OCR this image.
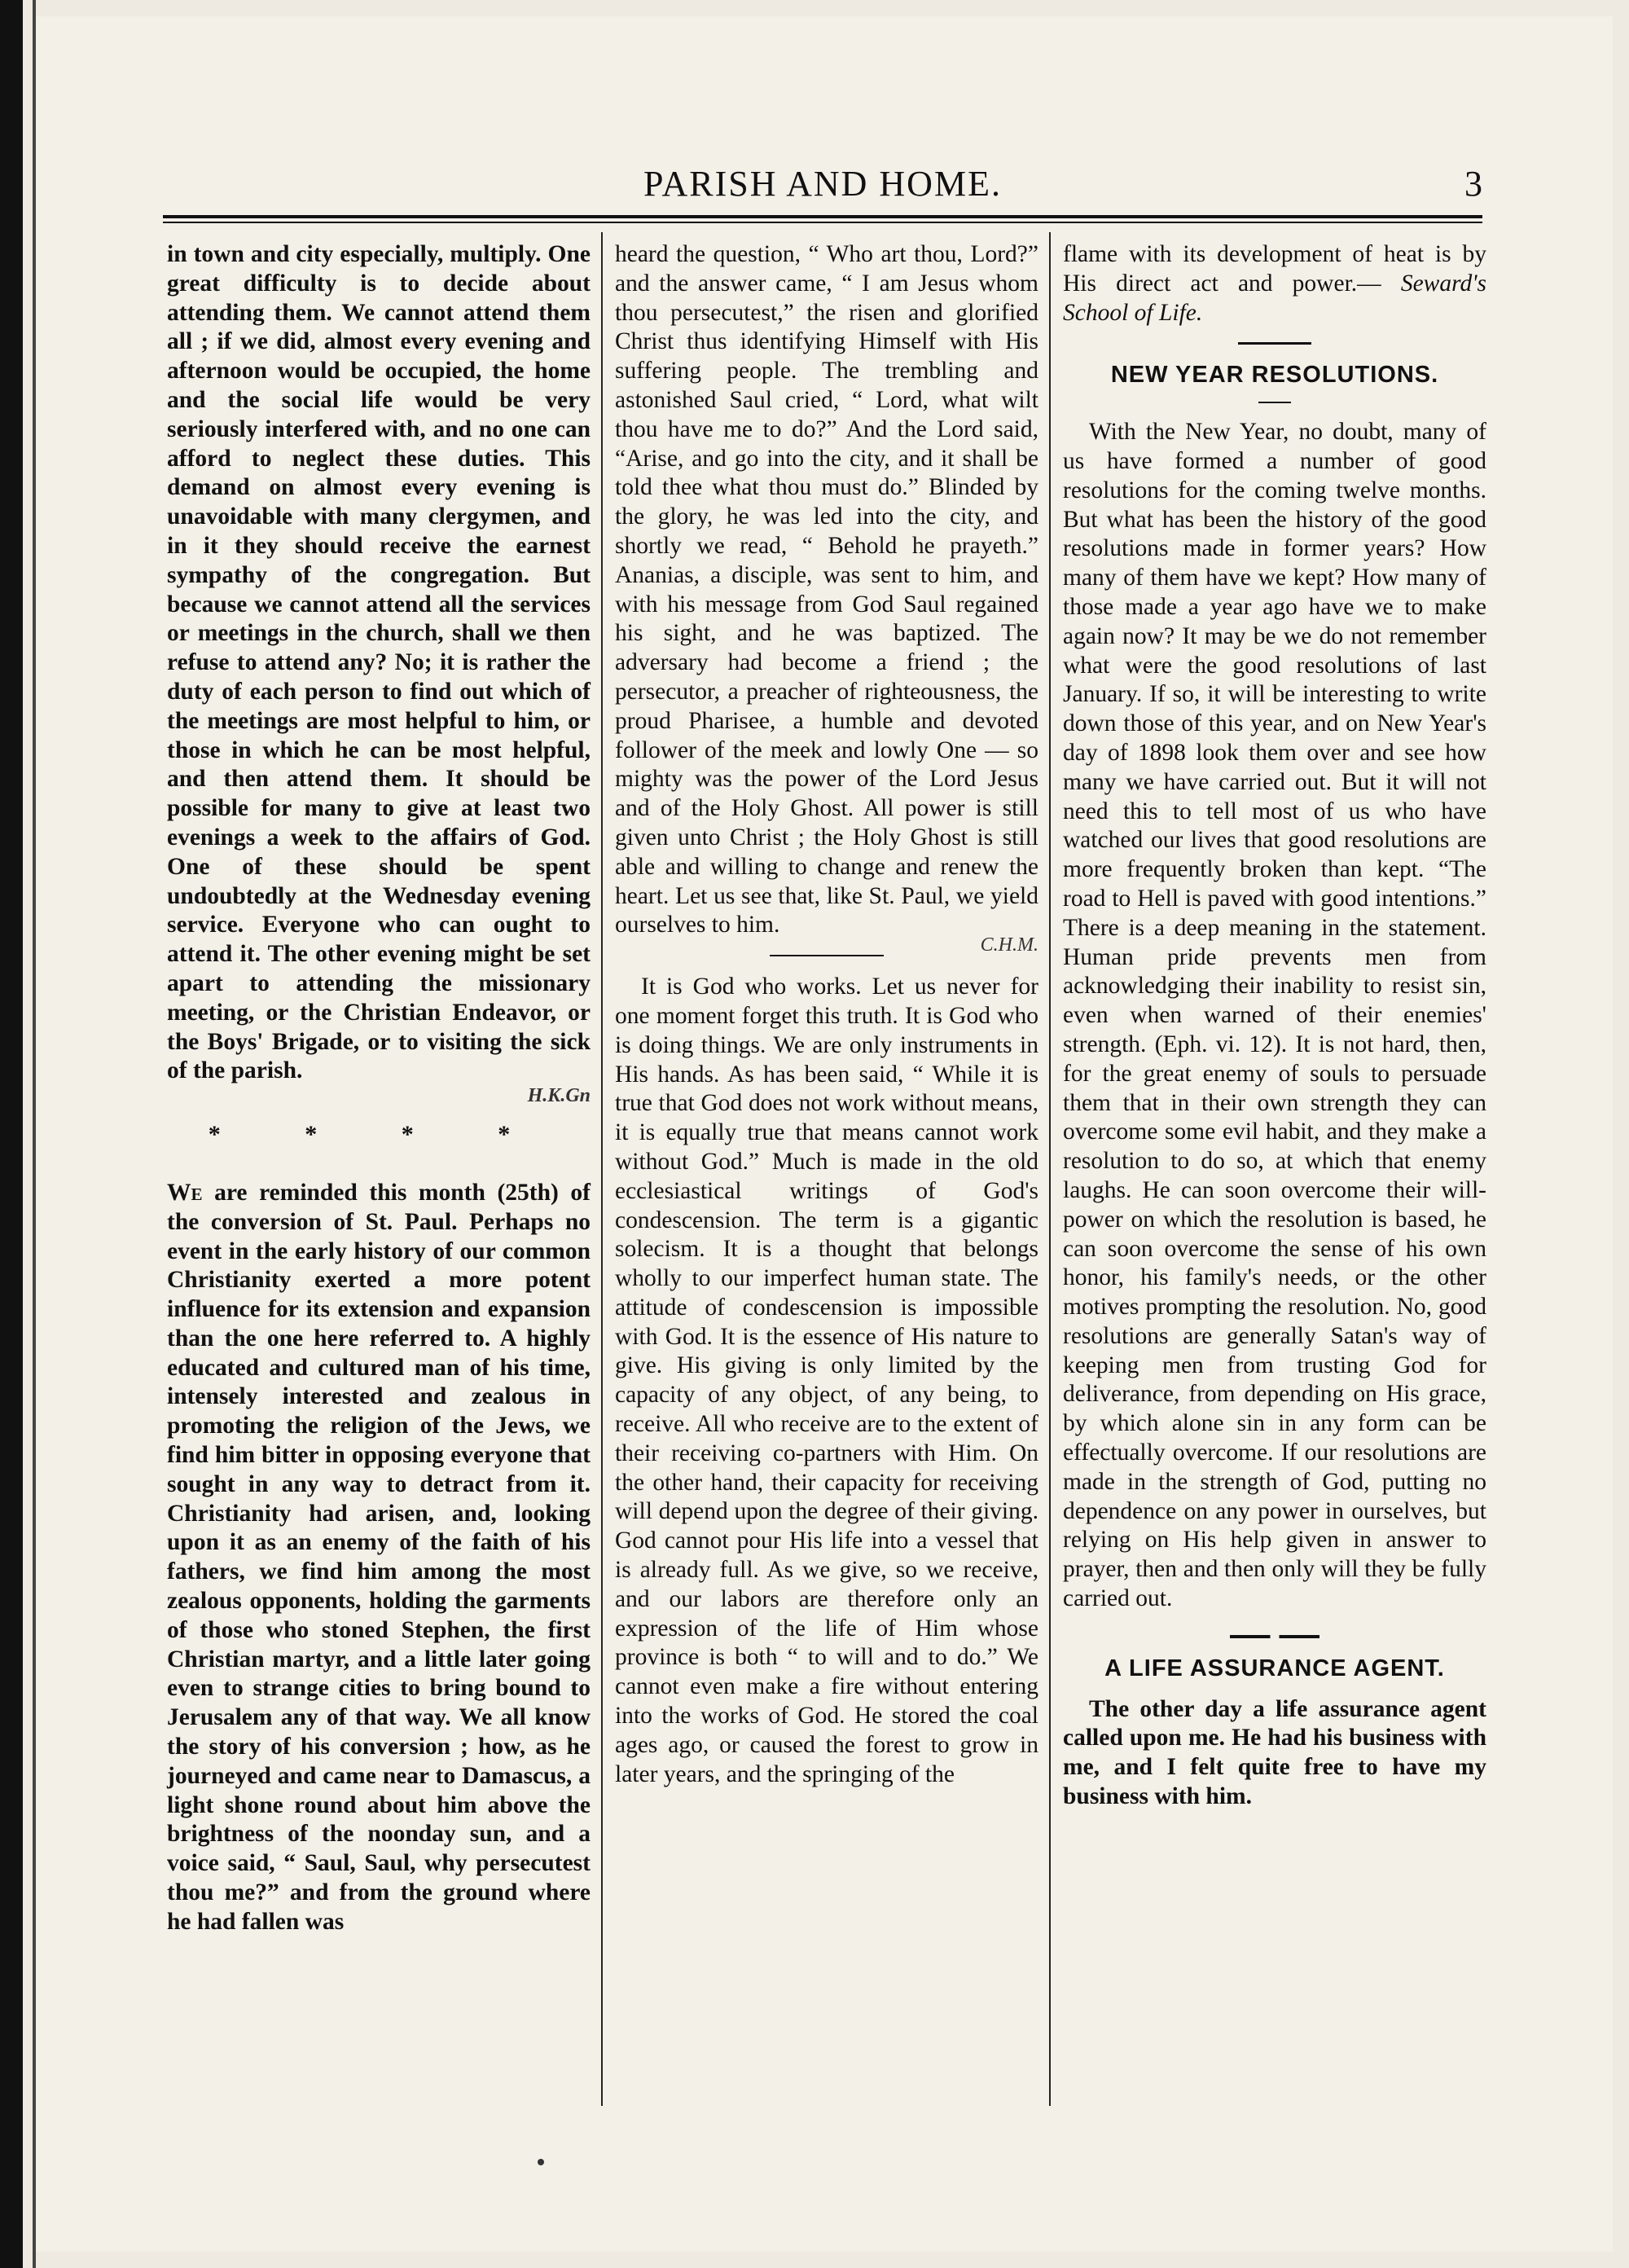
PARISH AND HOME.	3

in town and city especially, multiply. One great difficulty is to decide about attending them. We cannot attend them all ; if we did, almost every evening and afternoon would be occupied, the home and the social life would be very seriously interfered with, and no one can afford to neglect these duties. This demand on almost every evening is unavoidable with many clergymen, and in it they should receive the earnest sympathy of the congregation. But because we cannot attend all the services or meetings in the church, shall we then refuse to attend any? No; it is rather the duty of each person to find out which of the meetings are most helpful to him, or those in which he can be most helpful, and then attend them. It should be possible for many to give at least two evenings a week to the affairs of God. One of these should be spent undoubtedly at the Wednesday evening service. Everyone who can ought to attend it. The other evening might be set apart to attending the missionary meeting, or the Christian Endeavor, or the Boys' Brigade, or to visiting the sick of the parish.

H.K.Gn

* * * *

We are reminded this month (25th) of the conversion of St. Paul. Perhaps no event in the early history of our common Christianity exerted a more potent influence for its extension and expansion than the one here referred to. A highly educated and cultured man of his time, intensely interested and zealous in promoting the religion of the Jews, we find him bitter in opposing everyone that sought in any way to detract from it. Christianity had arisen, and, looking upon it as an enemy of the faith of his fathers, we find him among the most zealous opponents, holding the garments of those who stoned Stephen, the first Christian martyr, and a little later going even to strange cities to bring bound to Jerusalem any of that way. We all know the story of his conversion ; how, as he journeyed and came near to Damascus, a light shone round about him above the brightness of the noonday sun, and a voice said, “ Saul, Saul, why persecutest thou me?” and from the ground where he had fallen was

heard the question, “ Who art thou, Lord?” and the answer came, “ I am Jesus whom thou persecutest,” the risen and glorified Christ thus identifying Himself with His suffering people. The trembling and astonished Saul cried, “ Lord, what wilt thou have me to do?” And the Lord said, “Arise, and go into the city, and it shall be told thee what thou must do.” Blinded by the glory, he was led into the city, and shortly we read, “ Behold he prayeth.” Ananias, a disciple, was sent to him, and with his message from God Saul regained his sight, and he was baptized. The adversary had become a friend ; the persecutor, a preacher of righteousness, the proud Pharisee, a humble and devoted follower of the meek and lowly One — so mighty was the power of the Lord Jesus and of the Holy Ghost. All power is still given unto Christ ; the Holy Ghost is still able and willing to change and renew the heart. Let us see that, like St. Paul, we yield ourselves to him.

C.H.M.

It is God who works. Let us never for one moment forget this truth. It is God who is doing things. We are only instruments in His hands. As has been said, “ While it is true that God does not work without means, it is equally true that means cannot work without God.” Much is made in the old ecclesiastical writings of God's condescension. The term is a gigantic solecism. It is a thought that belongs wholly to our imperfect human state. The attitude of condescension is impossible with God. It is the essence of His nature to give. His giving is only limited by the capacity of any object, of any being, to receive. All who receive are to the extent of their receiving co-partners with Him. On the other hand, their capacity for receiving will depend upon the degree of their giving. God cannot pour His life into a vessel that is already full. As we give, so we receive, and our labors are therefore only an expression of the life of Him whose province is both “ to will and to do.” We cannot even make a fire without entering into the works of God. He stored the coal ages ago, or caused the forest to grow in later years, and the springing of the

flame with its development of heat is by His direct act and power.— Seward's School of Life.

NEW YEAR RESOLUTIONS.

With the New Year, no doubt, many of us have formed a number of good resolutions for the coming twelve months. But what has been the history of the good resolutions made in former years? How many of them have we kept? How many of those made a year ago have we to make again now? It may be we do not remember what were the good resolutions of last January. If so, it will be interesting to write down those of this year, and on New Year's day of 1898 look them over and see how many we have carried out. But it will not need this to tell most of us who have watched our lives that good resolutions are more frequently broken than kept. “The road to Hell is paved with good intentions.” There is a deep meaning in the statement. Human pride prevents men from acknowledging their inability to resist sin, even when warned of their enemies' strength. (Eph. vi. 12). It is not hard, then, for the great enemy of souls to persuade them that in their own strength they can overcome some evil habit, and they make a resolution to do so, at which that enemy laughs. He can soon overcome their will-power on which the resolution is based, he can soon overcome the sense of his own honor, his family's needs, or the other motives prompting the resolution. No, good resolutions are generally Satan's way of keeping men from trusting God for deliverance, from depending on His grace, by which alone sin in any form can be effectually overcome. If our resolutions are made in the strength of God, putting no dependence on any power in ourselves, but relying on His help given in answer to prayer, then and then only will they be fully carried out.

A LIFE ASSURANCE AGENT.

The other day a life assurance agent called upon me. He had his business with me, and I felt quite free to have my business with him.
